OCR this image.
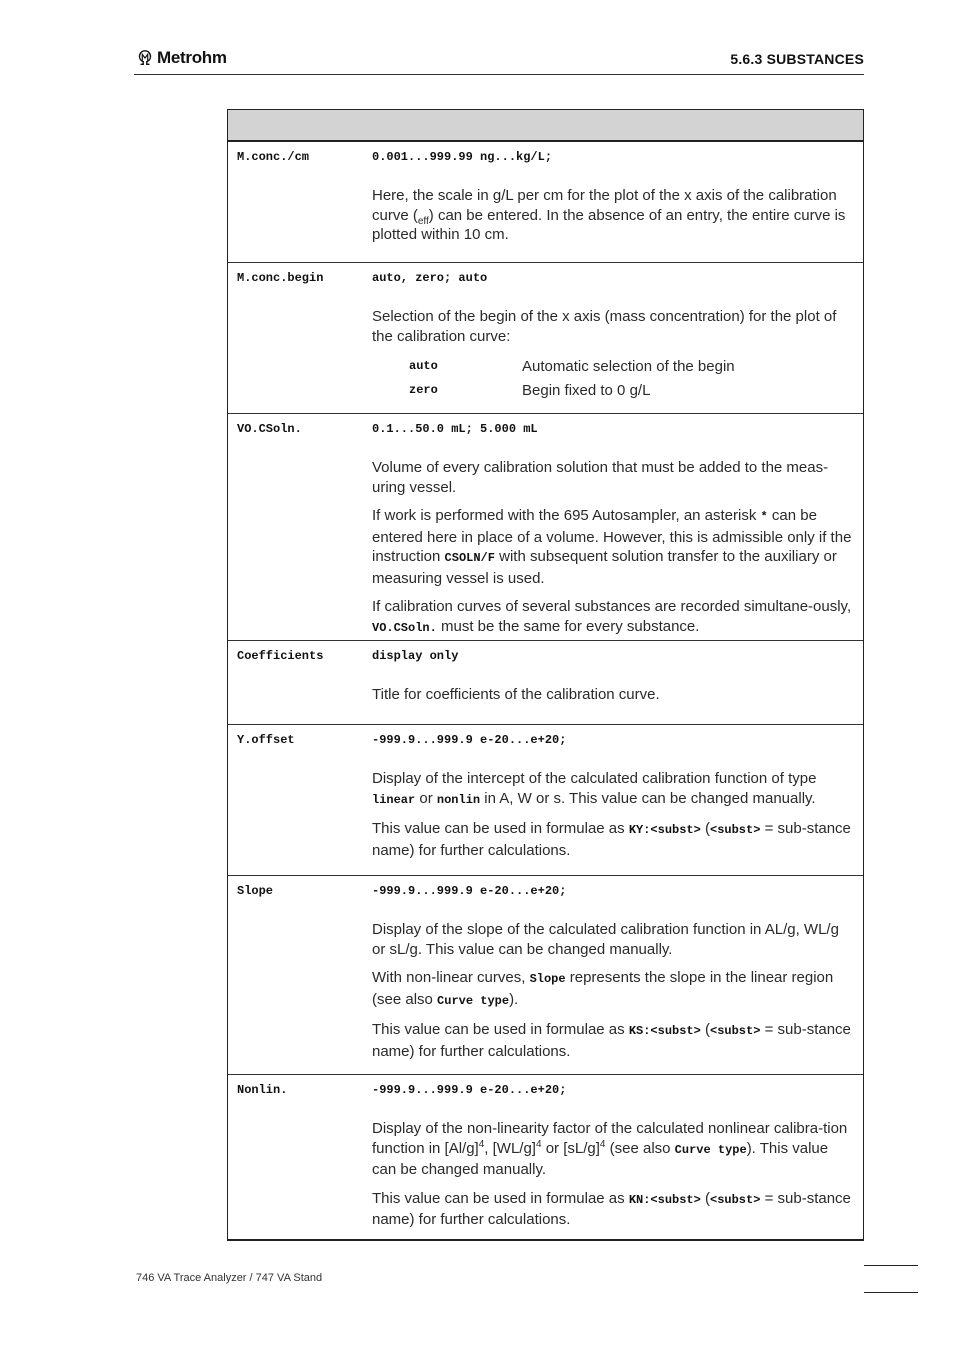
Metrohm	5.6.3 SUBSTANCES
M.conc./cm	0.001...999.99 ng...kg/L;

Here, the scale in g/L per cm for the plot of the x axis of the calibration curve $(_{eff})$ can be entered. In the absence of an entry, the entire curve is plotted within 10 cm.

M.conc.begin	auto, zero; auto

Selection of the begin of the x axis (mass concentration) for the plot of the calibration curve:

auto	Automatic selection of the begin
zero	Begin fixed to 0 g/L
VO.CSoln.	0.1...50.0 mL; 5.000 mL

Volume of every calibration solution that must be added to the meas-uring vessel.

If work is performed with the 695 Autosampler, an asterisk * can be entered here in place of a volume. However, this is admissible only if the instruction CSOLN/F with subsequent solution transfer to the auxiliary or measuring vessel is used.

If calibration curves of several substances are recorded simultane-ously, VO.CSoln. must be the same for every substance.

Coefficients	display only

Title for coefficients of the calibration curve.

Y.offset	-999.9...999.9 e-20...e+20;

Display of the intercept of the calculated calibration function of type linear or nonlin in A, W or s. This value can be changed manually.

This value can be used in formulae as KY:<subst> (<subst> = sub-stance name) for further calculations.

Slope	-999.9...999.9 e-20...e+20;

Display of the slope of the calculated calibration function in AL/g, WL/g or sL/g. This value can be changed manually.

With non-linear curves, Slope represents the slope in the linear region (see also Curve type).

This value can be used in formulae as KS:<subst> (<subst> = sub-stance name) for further calculations.

Nonlin.	-999.9...999.9 e-20...e+20;

Display of the non-linearity factor of the calculated nonlinear calibra-tion function in $[Al/g]^4$, $[WL/g]^4$ or $[sL/g]^4$ (see also Curve type). This value can be changed manually.

This value can be used in formulae as KN:<subst> (<subst> = sub-stance name) for further calculations.

746 VA Trace Analyzer / 747 VA Stand
